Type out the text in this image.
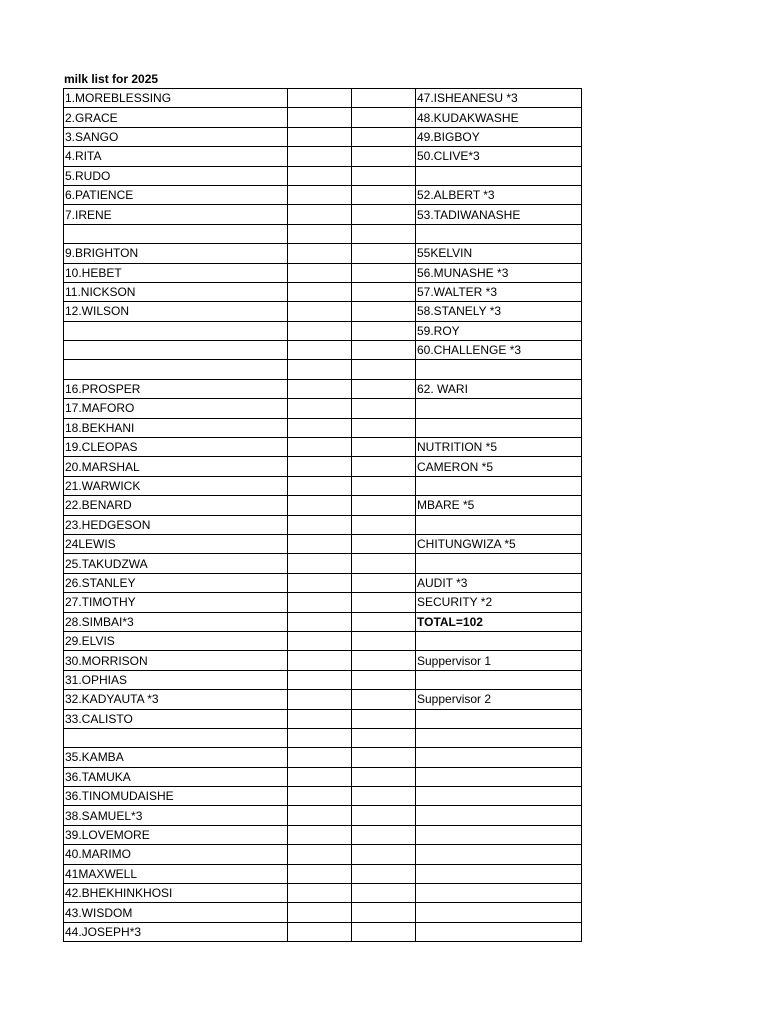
milk list for 2025
1.MOREBLESSING			47.ISHEANESU *3
2.GRACE			48.KUDAKWASHE
3.SANGO			49.BIGBOY
4.RITA			50.CLIVE*3
5.RUDO			
6.PATIENCE			52.ALBERT *3
7.IRENE			53.TADIWANASHE

9.BRIGHTON			55KELVIN
10.HEBET			56.MUNASHE *3
11.NICKSON			57.WALTER *3
12.WILSON			58.STANELY *3
			59.ROY
			60.CHALLENGE *3

16.PROSPER			62. WARI
17.MAFORO			
18.BEKHANI			
19.CLEOPAS			NUTRITION *5
20.MARSHAL			CAMERON *5
21.WARWICK			
22.BENARD			MBARE *5
23.HEDGESON			
24LEWIS			CHITUNGWIZA *5
25.TAKUDZWA			
26.STANLEY			AUDIT *3
27.TIMOTHY			SECURITY *2
28.SIMBAI*3			TOTAL=102
29.ELVIS			
30.MORRISON			Suppervisor 1
31.OPHIAS			
32.KADYAUTA *3			Suppervisor 2
33.CALISTO			

35.KAMBA			
36.TAMUKA			
36.TINOMUDAISHE			
38.SAMUEL*3			
39.LOVEMORE			
40.MARIMO			
41MAXWELL			
42.BHEKHINKHOSI			
43.WISDOM			
44.JOSEPH*3			
